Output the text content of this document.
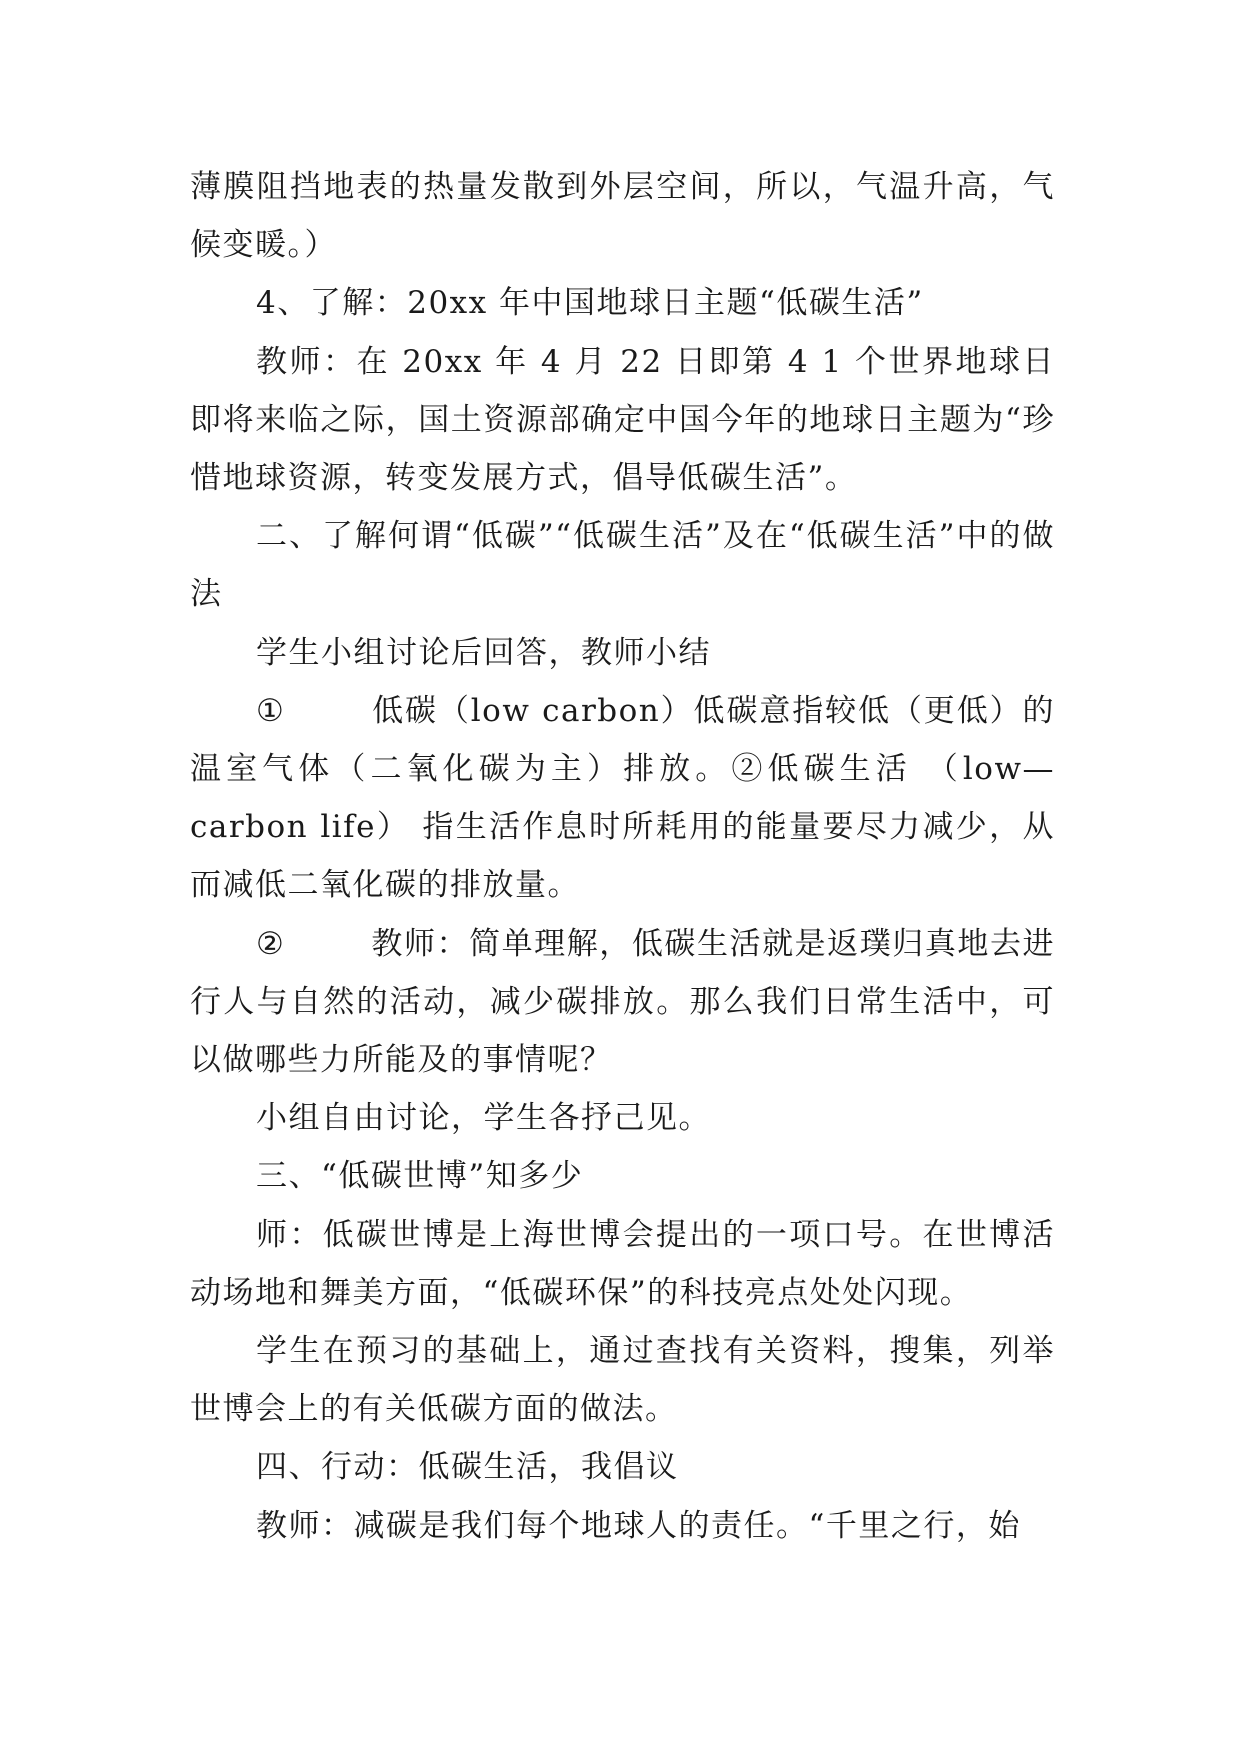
薄膜阻挡地表的热量发散到外层空间，所以，气温升高，气候变暖。）

4、了解：20xx 年中国地球日主题“低碳生活”

教师：在 20xx 年 4 月 22 日即第 4 1 个世界地球日即将来临之际，国土资源部确定中国今年的地球日主题为“珍惜地球资源，转变发展方式，倡导低碳生活”。

二、了解何谓“低碳”“低碳生活”及在“低碳生活”中的做法

学生小组讨论后回答，教师小结

①	低碳（low carbon）低碳意指较低（更低）的温室气体（二氧化碳为主）排放。②低碳生活 （low—carbon life） 指生活作息时所耗用的能量要尽力减少，从而减低二氧化碳的排放量。

②	教师：简单理解，低碳生活就是返璞归真地去进行人与自然的活动，减少碳排放。那么我们日常生活中，可以做哪些力所能及的事情呢？

小组自由讨论，学生各抒己见。

三、“低碳世博”知多少

师：低碳世博是上海世博会提出的一项口号。在世博活动场地和舞美方面，“低碳环保”的科技亮点处处闪现。

学生在预习的基础上，通过查找有关资料，搜集，列举世博会上的有关低碳方面的做法。

四、行动：低碳生活，我倡议

教师：减碳是我们每个地球人的责任。“千里之行，始
